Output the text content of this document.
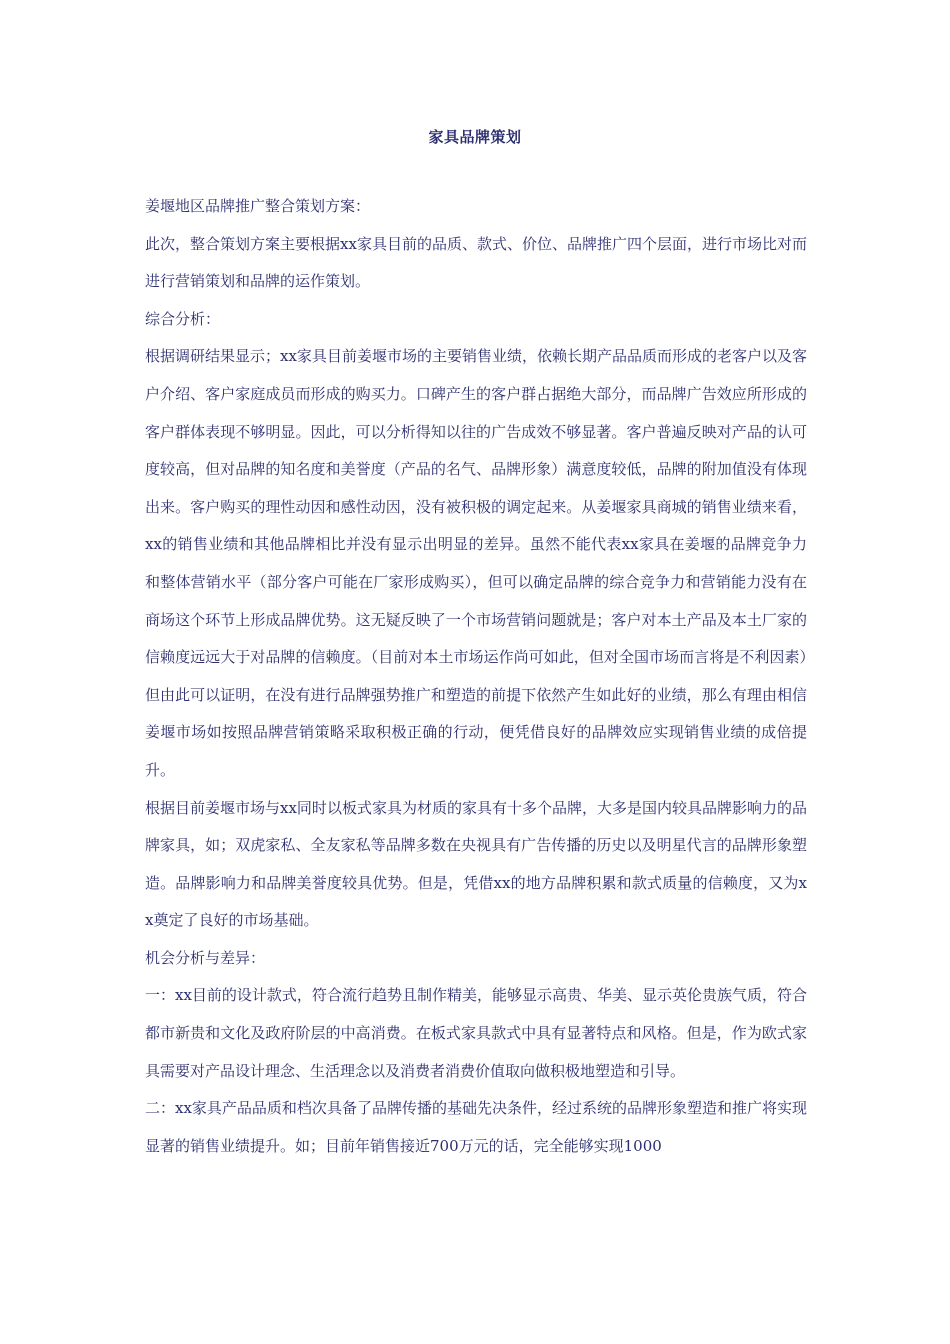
家具品牌策划

姜堰地区品牌推广整合策划方案：

此次，整合策划方案主要根据xx家具目前的品质、款式、价位、品牌推广四个层面，进行市场比对而进行营销策划和品牌的运作策划。

综合分析：

根据调研结果显示；xx家具目前姜堰市场的主要销售业绩，依赖长期产品品质而形成的老客户以及客户介绍、客户家庭成员而形成的购买力。口碑产生的客户群占据绝大部分，而品牌广告效应所形成的客户群体表现不够明显。因此，可以分析得知以往的广告成效不够显著。客户普遍反映对产品的认可度较高，但对品牌的知名度和美誉度（产品的名气、品牌形象）满意度较低，品牌的附加值没有体现出来。客户购买的理性动因和感性动因，没有被积极的调定起来。从姜堰家具商城的销售业绩来看，xx的销售业绩和其他品牌相比并没有显示出明显的差异。虽然不能代表xx家具在姜堰的品牌竞争力和整体营销水平（部分客户可能在厂家形成购买），但可以确定品牌的综合竞争力和营销能力没有在商场这个环节上形成品牌优势。这无疑反映了一个市场营销问题就是；客户对本土产品及本土厂家的信赖度远远大于对品牌的信赖度。（目前对本土市场运作尚可如此，但对全国市场而言将是不利因素）但由此可以证明，在没有进行品牌强势推广和塑造的前提下依然产生如此好的业绩，那么有理由相信姜堰市场如按照品牌营销策略采取积极正确的行动，便凭借良好的品牌效应实现销售业绩的成倍提升。

根据目前姜堰市场与xx同时以板式家具为材质的家具有十多个品牌，大多是国内较具品牌影响力的品牌家具，如；双虎家私、全友家私等品牌多数在央视具有广告传播的历史以及明星代言的品牌形象塑造。品牌影响力和品牌美誉度较具优势。但是，凭借xx的地方品牌积累和款式质量的信赖度，又为xx奠定了良好的市场基础。

机会分析与差异：

一：xx目前的设计款式，符合流行趋势且制作精美，能够显示高贵、华美、显示英伦贵族气质，符合都市新贵和文化及政府阶层的中高消费。在板式家具款式中具有显著特点和风格。但是，作为欧式家具需要对产品设计理念、生活理念以及消费者消费价值取向做积极地塑造和引导。

二：xx家具产品品质和档次具备了品牌传播的基础先决条件，经过系统的品牌形象塑造和推广将实现显著的销售业绩提升。如；目前年销售接近700万元的话，完全能够实现1000
